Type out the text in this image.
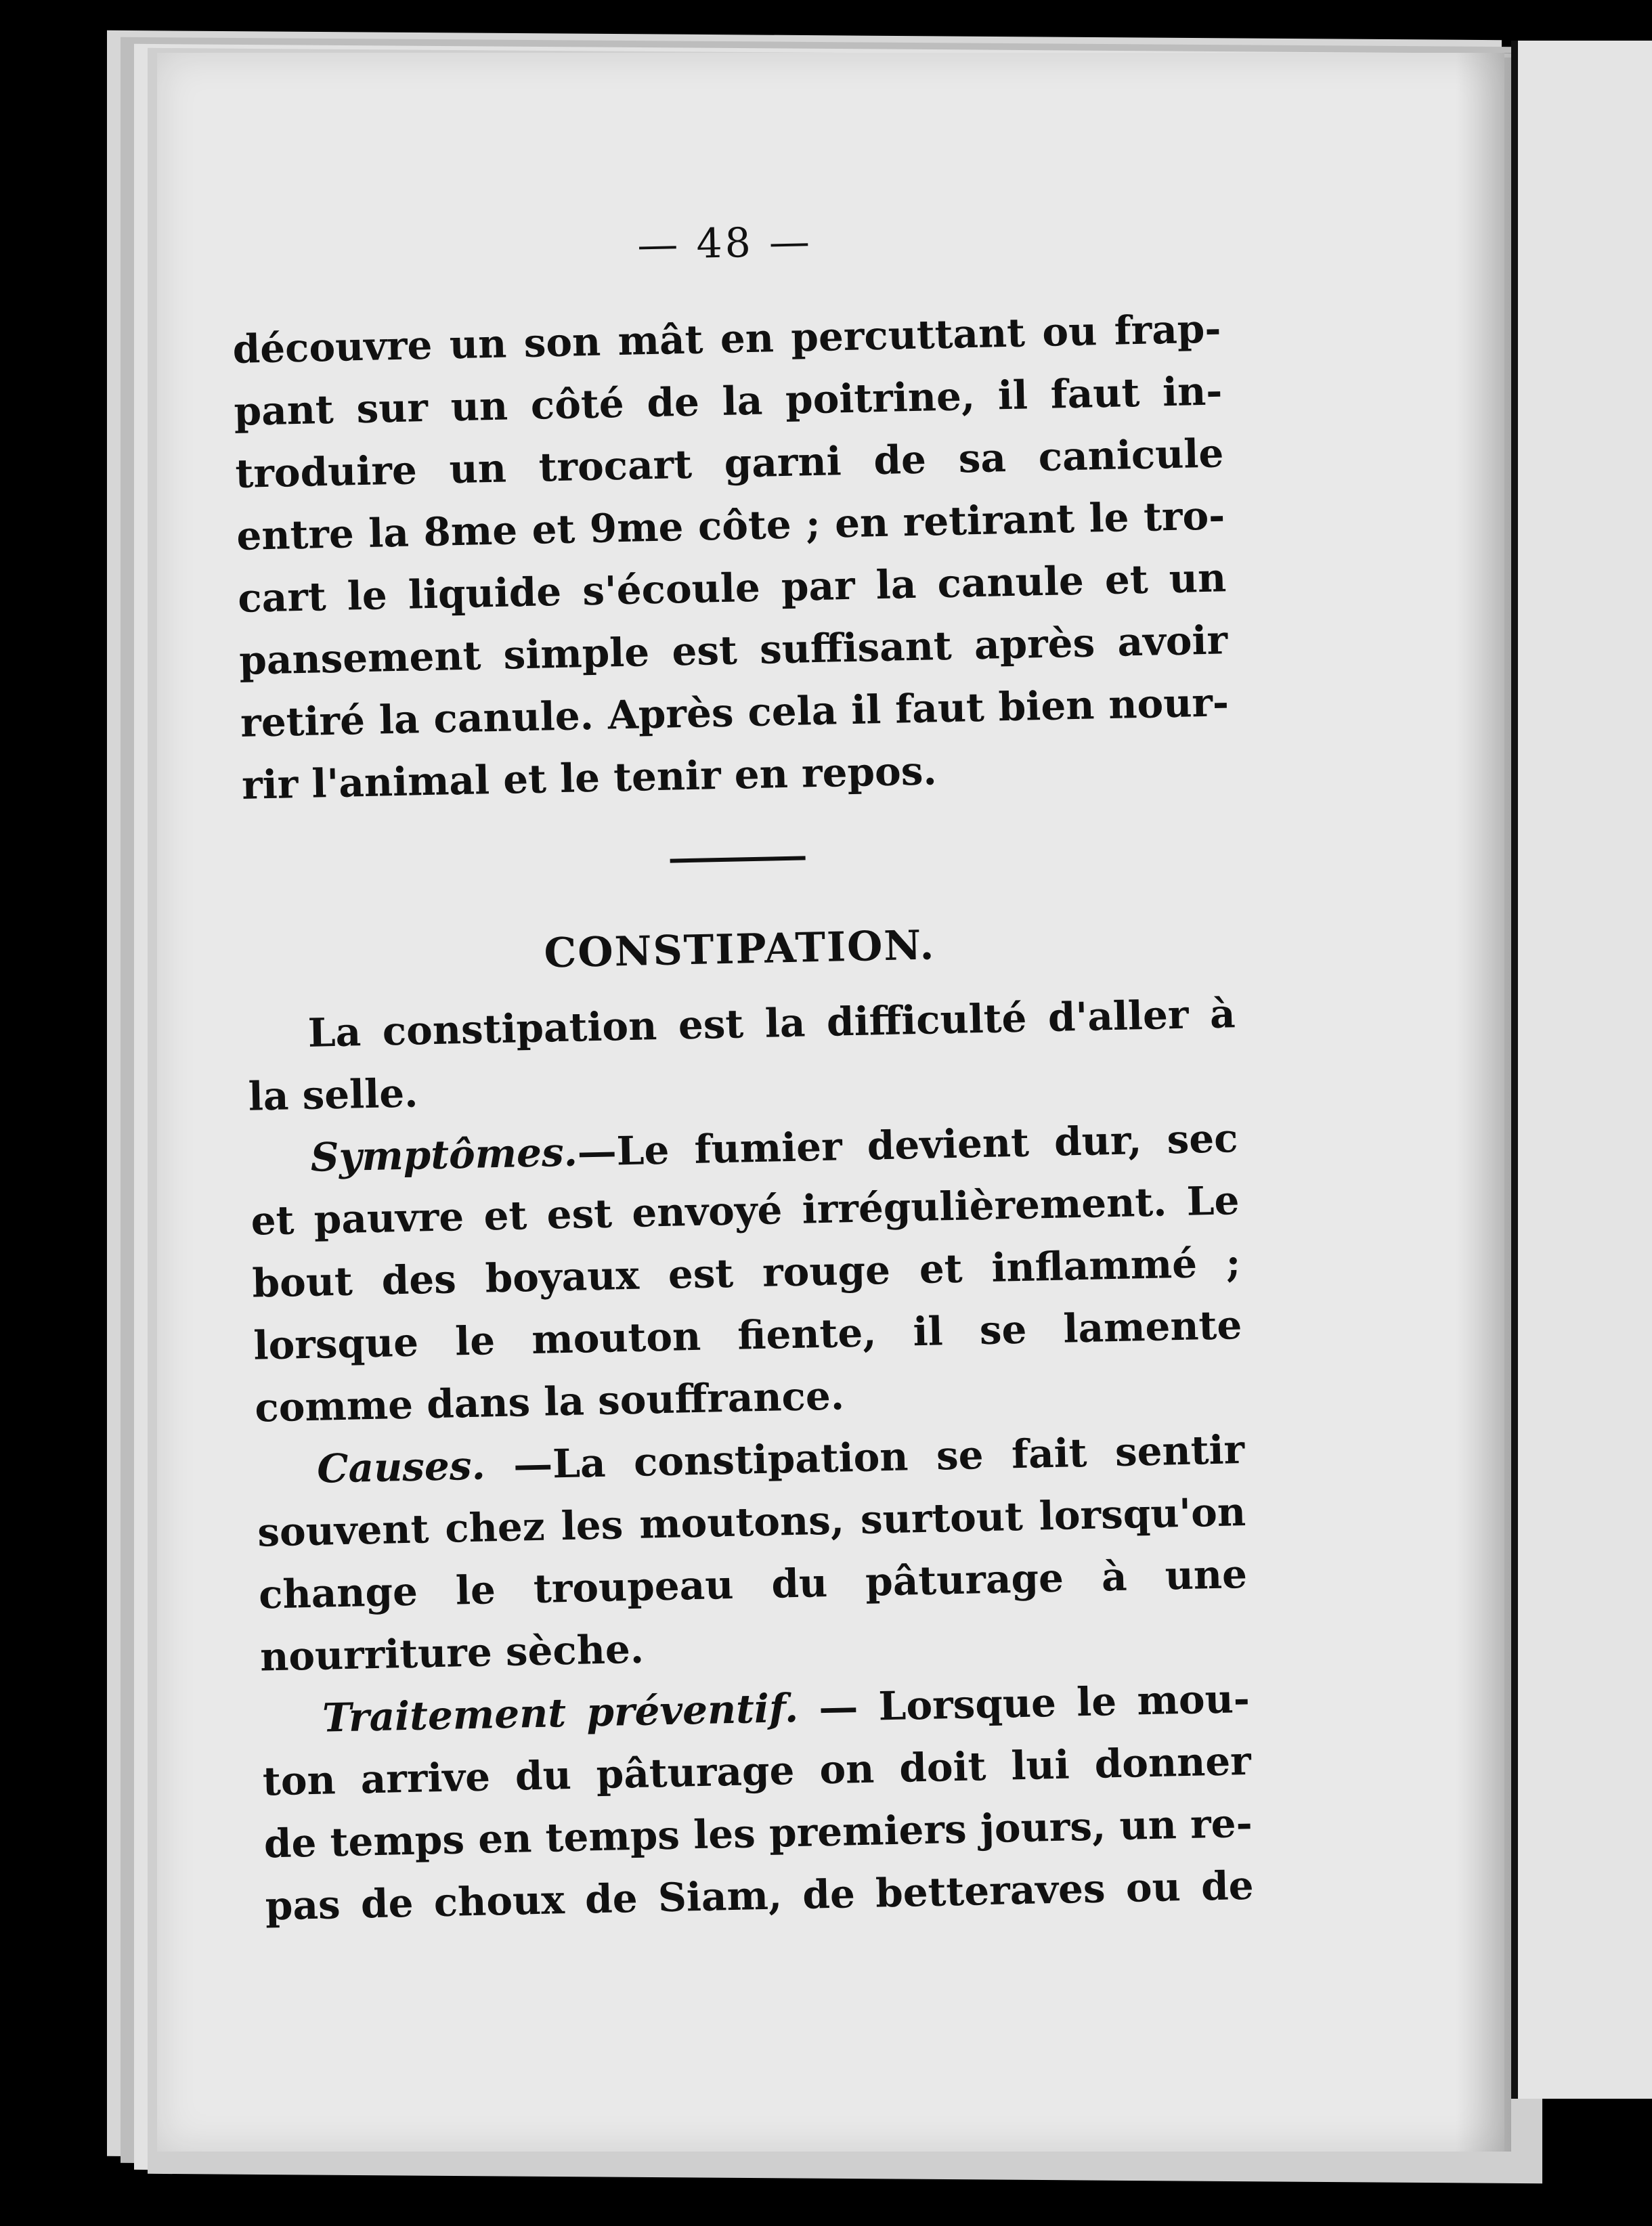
— 48 —
découvre un son mât en percuttant ou frap-
pant sur un côté de la poitrine, il faut in-
troduire un trocart garni de sa canicule
entre la 8me et 9me côte ; en retirant le tro-
cart le liquide s'écoule par la canule et un
pansement simple est suffisant après avoir
retiré la canule. Après cela il faut bien nour-
rir l'animal et le tenir en repos.
CONSTIPATION.
La constipation est la difficulté d'aller à
la selle.
Symptômes.—Le fumier devient dur, sec
et pauvre et est envoyé irrégulièrement. Le
bout des boyaux est rouge et inflammé ;
lorsque le mouton fiente, il se lamente
comme dans la souffrance.
Causes. —La constipation se fait sentir
souvent chez les moutons, surtout lorsqu'on
change le troupeau du pâturage à une
nourriture sèche.
Traitement préventif. — Lorsque le mou-
ton arrive du pâturage on doit lui donner
de temps en temps les premiers jours, un re-
pas de choux de Siam, de betteraves ou de
